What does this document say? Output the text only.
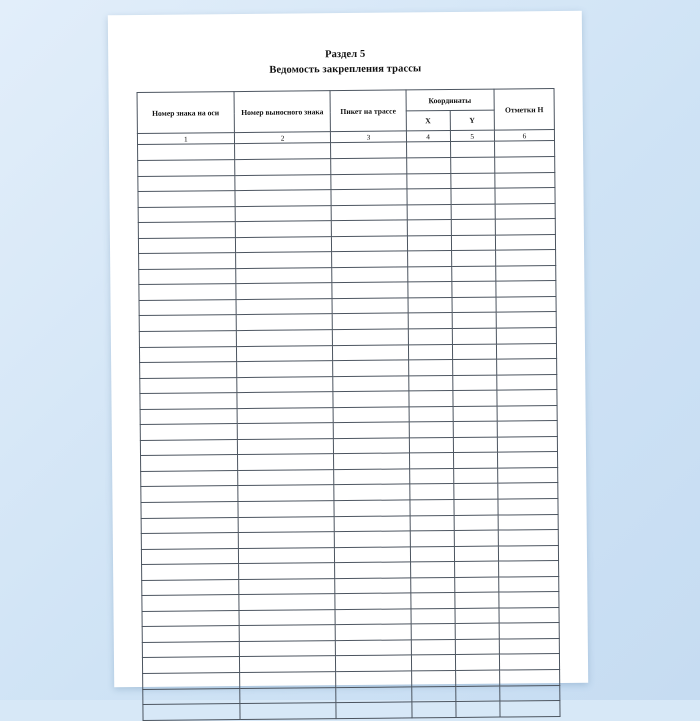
Раздел 5
Ведомость закрепления трассы
Номер знака на оси	Номер выносного знака	Пикет на трассе	Координаты		Отметки Н
			X	Y	
1	2	3	4	5	6
